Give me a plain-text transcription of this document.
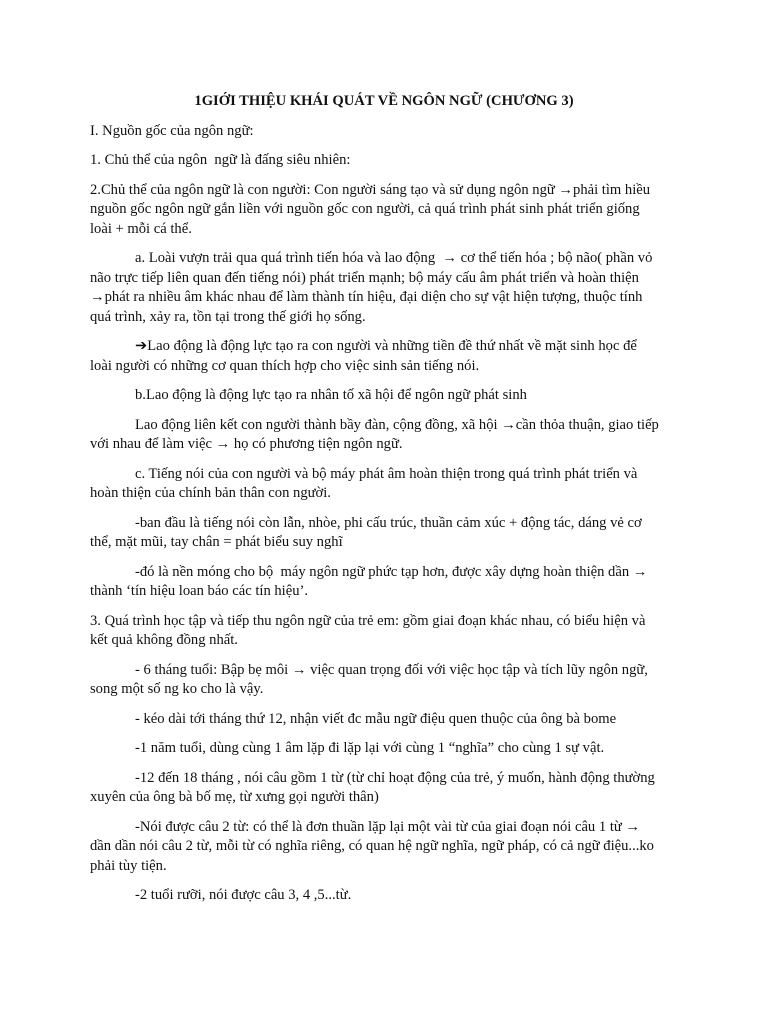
1GIỚI THIỆU KHÁI QUÁT VỀ NGÔN NGỮ (CHƯƠNG 3)
I. Nguồn gốc của ngôn ngữ:
1. Chủ thể của ngôn  ngữ là đấng siêu nhiên:
2.Chủ thể của ngôn ngữ là con người: Con người sáng tạo và sử dụng ngôn ngữ →phải tìm hiều
nguồn gốc ngôn ngữ gắn liền với nguồn gốc con người, cả quá trình phát sinh phát triển giống
loài + mỗi cá thể.
a. Loài vượn trải qua quá trình tiến hóa và lao động  → cơ thể tiến hóa ; bộ não( phần vỏ
não trực tiếp liên quan đến tiếng nói) phát triển mạnh; bộ máy cấu âm phát triển và hoàn thiện
→phát ra nhiều âm khác nhau để làm thành tín hiệu, đại diện cho sự vật hiện tượng, thuộc tính
quá trình, xảy ra, tồn tại trong thế giới họ sống.
➔Lao động là động lực tạo ra con người và những tiền đề thứ nhất về mặt sinh học để
loài người có những cơ quan thích hợp cho việc sinh sản tiếng nói.
b.Lao động là động lực tạo ra nhân tố xã hội để ngôn ngữ phát sinh
Lao động liên kết con người thành bầy đàn, cộng đồng, xã hội →cần thỏa thuận, giao tiếp
với nhau để làm việc → họ có phương tiện ngôn ngữ.
c. Tiếng nói của con người và bộ máy phát âm hoàn thiện trong quá trình phát triển và
hoàn thiện của chính bản thân con người.
-ban đầu là tiếng nói còn lẫn, nhòe, phi cấu trúc, thuần cảm xúc + động tác, dáng vẻ cơ
thể, mặt mũi, tay chân = phát biểu suy nghĩ
-đó là nền móng cho bộ  máy ngôn ngữ phức tạp hơn, được xây dựng hoàn thiện dần →
thành ‘tín hiệu loan báo các tín hiệu’.
3. Quá trình học tập và tiếp thu ngôn ngữ của trẻ em: gồm giai đoạn khác nhau, có biểu hiện và
kết quả không đồng nhất.
- 6 tháng tuổi: Bập bẹ môi → việc quan trọng đối với việc học tập và tích lũy ngôn ngữ,
song một số ng ko cho là vậy.
- kéo dài tới tháng thứ 12, nhận viết đc mẫu ngữ điệu quen thuộc của ông bà bome
-1 năm tuổi, dùng cùng 1 âm lặp đi lặp lại với cùng 1 “nghĩa” cho cùng 1 sự vật.
-12 đến 18 tháng , nói câu gồm 1 từ (từ chỉ hoạt động của trẻ, ý muốn, hành động thường
xuyên của ông bà bố mẹ, từ xưng gọi người thân)
-Nói được câu 2 từ: có thể là đơn thuần lặp lại một vài từ của giai đoạn nói câu 1 từ →
dần dần nói câu 2 từ, mỗi từ có nghĩa riêng, có quan hệ ngữ nghĩa, ngữ pháp, có cả ngữ điệu...ko
phải tùy tiện.
-2 tuổi rưỡi, nói được câu 3, 4 ,5...từ.
